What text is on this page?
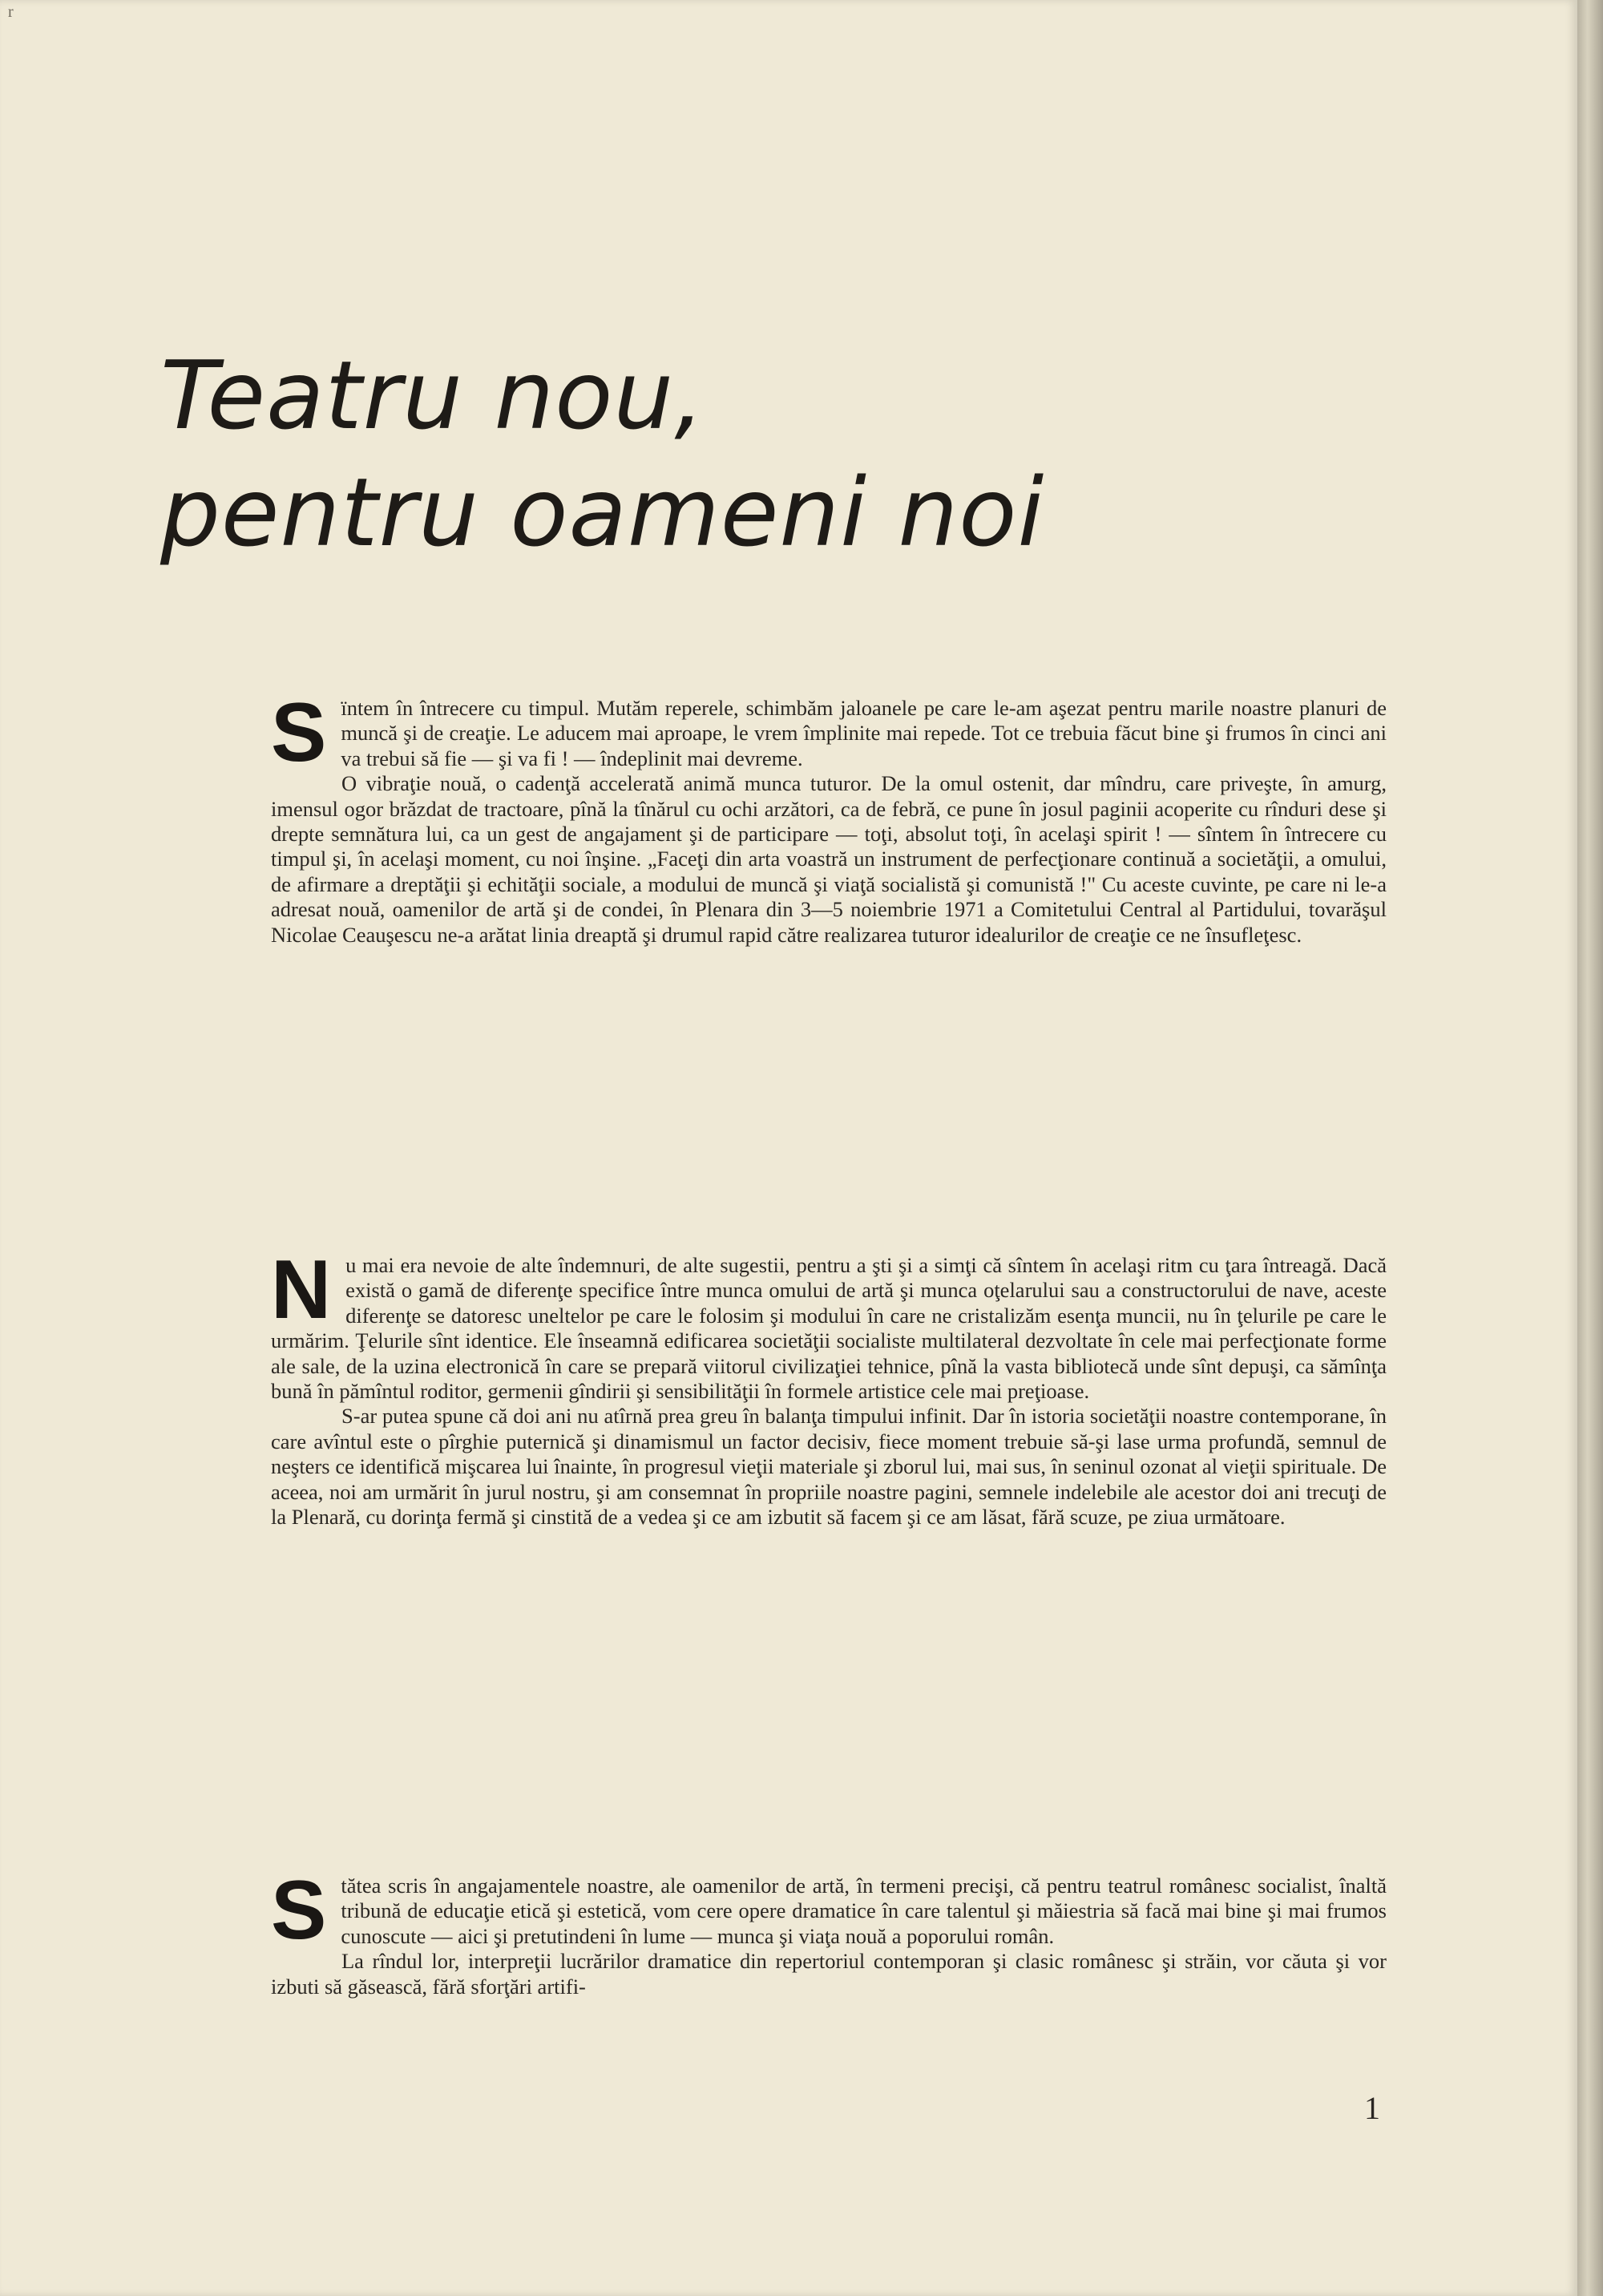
r
Teatru nou,
pentru oameni noi

Sïntem în întrecere cu timpul. Mutăm reperele, schimbăm jaloanele pe care le-am aşezat pentru marile noastre planuri de muncă şi de creaţie. Le aducem mai aproape, le vrem împlinite mai repede. Tot ce trebuia făcut bine şi frumos în cinci ani va trebui să fie — şi va fi ! — îndeplinit mai devreme.

O vibraţie nouă, o cadenţă accelerată animă munca tuturor. De la omul ostenit, dar mîndru, care priveşte, în amurg, imensul ogor brăzdat de tractoare, pînă la tînărul cu ochi arzători, ca de febră, ce pune în josul paginii acoperite cu rînduri dese şi drepte semnătura lui, ca un gest de angajament şi de participare — toţi, absolut toţi, în acelaşi spirit ! — sîntem în întrecere cu timpul şi, în acelaşi moment, cu noi înşine. „Faceţi din arta voastră un instrument de perfecţionare continuă a societăţii, a omului, de afirmare a dreptăţii şi echităţii sociale, a modului de muncă şi viaţă socialistă şi comunistă !" Cu aceste cuvinte, pe care ni le-a adresat nouă, oamenilor de artă şi de condei, în Plenara din 3—5 noiembrie 1971 a Comitetului Central al Partidului, tovarăşul Nicolae Ceauşescu ne-a arătat linia dreaptă şi drumul rapid către realizarea tuturor idealurilor de creaţie ce ne însufleţesc.

Nu mai era nevoie de alte îndemnuri, de alte sugestii, pentru a şti şi a simţi că sîntem în acelaşi ritm cu ţara întreagă. Dacă există o gamă de diferenţe specifice între munca omului de artă şi munca oţelarului sau a constructorului de nave, aceste diferenţe se datoresc uneltelor pe care le folosim şi modului în care ne cristalizăm esenţa muncii, nu în ţelurile pe care le urmărim. Ţelurile sînt identice. Ele înseamnă edificarea societăţii socialiste multilateral dezvoltate în cele mai perfecţionate forme ale sale, de la uzina electronică în care se prepară viitorul civilizaţiei tehnice, pînă la vasta bibliotecă unde sînt depuşi, ca sămînţa bună în pămîntul roditor, germenii gîndirii şi sensibilităţii în formele artistice cele mai preţioase.

S-ar putea spune că doi ani nu atîrnă prea greu în balanţa timpului infinit. Dar în istoria societăţii noastre contemporane, în care avîntul este o pîrghie puternică şi dinamismul un factor decisiv, fiece moment trebuie să-şi lase urma profundă, semnul de neşters ce identifică mişcarea lui înainte, în progresul vieţii materiale şi zborul lui, mai sus, în seninul ozonat al vieţii spirituale. De aceea, noi am urmărit în jurul nostru, şi am consemnat în propriile noastre pagini, semnele indelebile ale acestor doi ani trecuţi de la Plenară, cu dorinţa fermă şi cinstită de a vedea şi ce am izbutit să facem şi ce am lăsat, fără scuze, pe ziua următoare.

Stătea scris în angajamentele noastre, ale oamenilor de artă, în termeni precişi, că pentru teatrul românesc socialist, înaltă tribună de educaţie etică şi estetică, vom cere opere dramatice în care talentul şi măiestria să facă mai bine şi mai frumos cunoscute — aici şi pretutindeni în lume — munca şi viaţa nouă a poporului român.

La rîndul lor, interpreţii lucrărilor dramatice din repertoriul contemporan şi clasic românesc şi străin, vor căuta şi vor izbuti să găsească, fără sforţări artifi-

1
